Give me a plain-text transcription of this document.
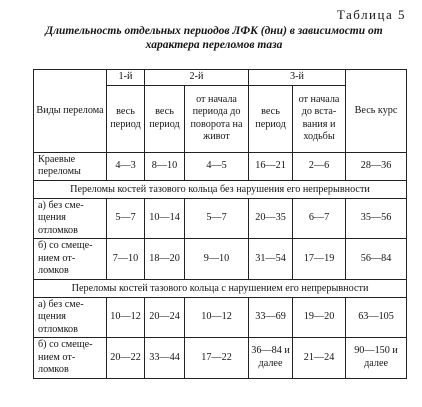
Таблица 5
Длительность отдельных периодов ЛФК (дни) в зависимости от
характера переломов таза
Виды перелома	1-й	2-й		3-й		Весь курс
	весь период	весь период	от начала периода до поворота на живот	весь период	от начала до вста-вания и ходьбы	
Краевые переломы	4—3	8—10	4—5	16—21	2—6	28—36
Переломы костей тазового кольца без нарушения его непрерывности						
а) без сме-щения отломков	5—7	10—14	5—7	20—35	6—7	35—56
б) со смеще-нием от-ломков	7—10	18—20	9—10	31—54	17—19	56—84
Переломы костей тазового кольца с нарушением его непрерывности						
а) без сме-щения отломков	10—12	20—24	10—12	33—69	19—20	63—105
б) со смеще-нием от-ломков	20—22	33—44	17—22	36—84 и далее	21—24	90—150 и далее
